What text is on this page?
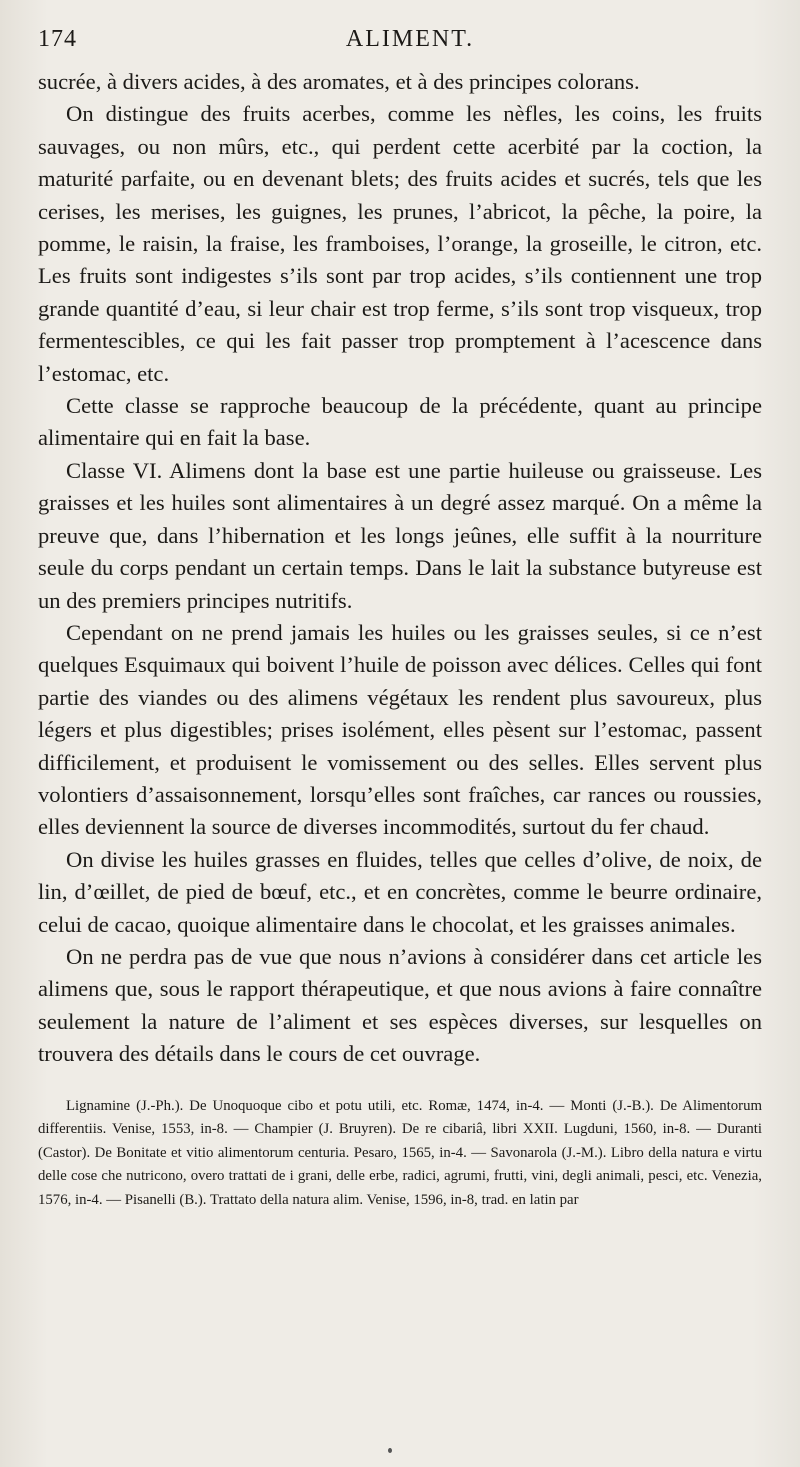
174	ALIMENT.

sucrée, à divers acides, à des aromates, et à des principes colorans.

On distingue des fruits acerbes, comme les nèfles, les coins, les fruits sauvages, ou non mûrs, etc., qui perdent cette acerbité par la coction, la maturité parfaite, ou en devenant blets; des fruits acides et sucrés, tels que les cerises, les merises, les guignes, les prunes, l’abricot, la pêche, la poire, la pomme, le raisin, la fraise, les framboises, l’orange, la groseille, le citron, etc. Les fruits sont indigestes s’ils sont par trop acides, s’ils contiennent une trop grande quantité d’eau, si leur chair est trop ferme, s’ils sont trop visqueux, trop fermentescibles, ce qui les fait passer trop promptement à l’acescence dans l’estomac, etc.

Cette classe se rapproche beaucoup de la précédente, quant au principe alimentaire qui en fait la base.

Classe VI. Alimens dont la base est une partie huileuse ou graisseuse. Les graisses et les huiles sont alimentaires à un degré assez marqué. On a même la preuve que, dans l’hibernation et les longs jeûnes, elle suffit à la nourriture seule du corps pendant un certain temps. Dans le lait la substance butyreuse est un des premiers principes nutritifs.

Cependant on ne prend jamais les huiles ou les graisses seules, si ce n’est quelques Esquimaux qui boivent l’huile de poisson avec délices. Celles qui font partie des viandes ou des alimens végétaux les rendent plus savoureux, plus légers et plus digestibles; prises isolément, elles pèsent sur l’estomac, passent difficilement, et produisent le vomissement ou des selles. Elles servent plus volontiers d’assaisonnement, lorsqu’elles sont fraîches, car rances ou roussies, elles deviennent la source de diverses incommodités, surtout du fer chaud.

On divise les huiles grasses en fluides, telles que celles d’olive, de noix, de lin, d’œillet, de pied de bœuf, etc., et en concrètes, comme le beurre ordinaire, celui de cacao, quoique alimentaire dans le chocolat, et les graisses animales.

On ne perdra pas de vue que nous n’avions à considérer dans cet article les alimens que, sous le rapport thérapeutique, et que nous avions à faire connaître seulement la nature de l’aliment et ses espèces diverses, sur lesquelles on trouvera des détails dans le cours de cet ouvrage.

Lignamine (J.-Ph.). De Unoquoque cibo et potu utili, etc. Romæ, 1474, in-4. — Monti (J.-B.). De Alimentorum differentiis. Venise, 1553, in-8. — Champier (J. Bruyren). De re cibariâ, libri XXII. Lugduni, 1560, in-8. — Duranti (Castor). De Bonitate et vitio alimentorum centuria. Pesaro, 1565, in-4. — Savonarola (J.-M.). Libro della natura e virtu delle cose che nutricono, overo trattati de i grani, delle erbe, radici, agrumi, frutti, vini, degli animali, pesci, etc. Venezia, 1576, in-4. — Pisanelli (B.). Trattato della natura alim. Venise, 1596, in-8, trad. en latin par
